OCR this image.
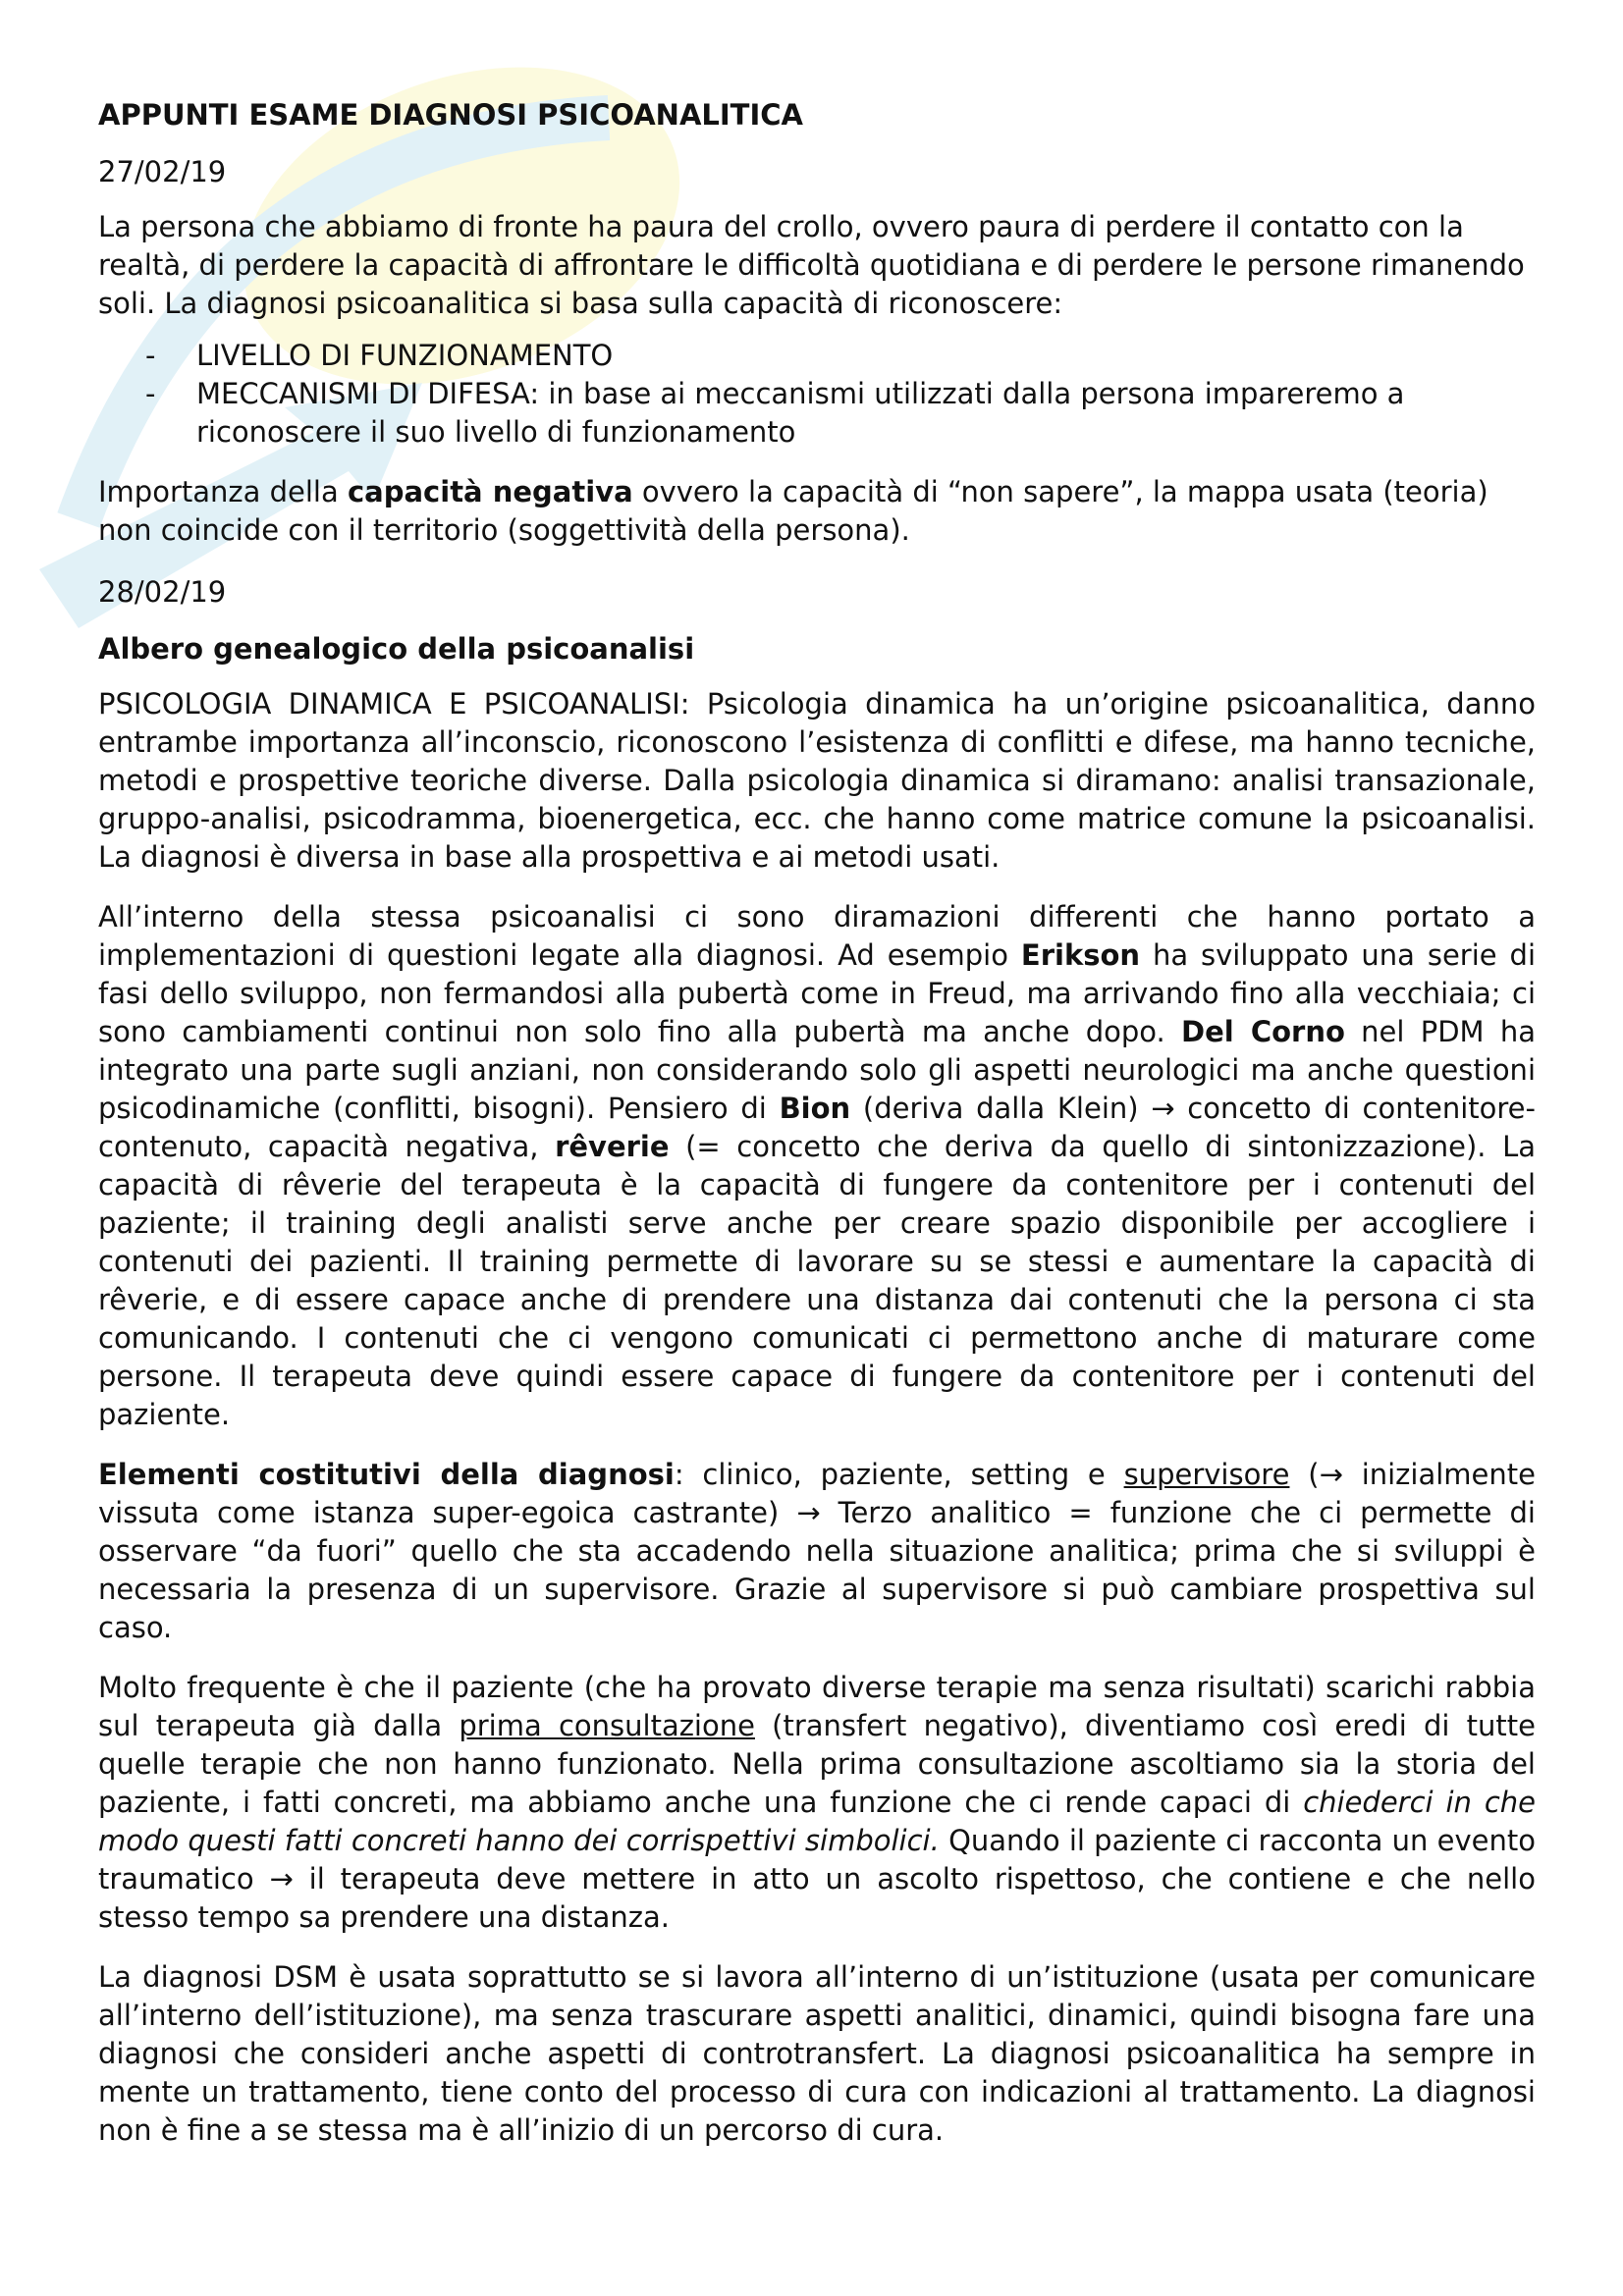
APPUNTI ESAME DIAGNOSI PSICOANALITICA
27/02/19

La persona che abbiamo di fronte ha paura del crollo, ovvero paura di perdere il contatto con la realtà, di perdere la capacità di affrontare le difficoltà quotidiana e di perdere le persone rimanendo soli. La diagnosi psicoanalitica si basa sulla capacità di riconoscere:

- LIVELLO DI FUNZIONAMENTO
- MECCANISMI DI DIFESA: in base ai meccanismi utilizzati dalla persona impareremo a riconoscere il suo livello di funzionamento

Importanza della capacità negativa ovvero la capacità di “non sapere”, la mappa usata (teoria) non coincide con il territorio (soggettività della persona).

28/02/19
Albero genealogico della psicoanalisi

PSICOLOGIA DINAMICA E PSICOANALISI: Psicologia dinamica ha un’origine psicoanalitica, danno entrambe importanza all’inconscio, riconoscono l’esistenza di conflitti e difese, ma hanno tecniche, metodi e prospettive teoriche diverse. Dalla psicologia dinamica si diramano: analisi transazionale, gruppo-analisi, psicodramma, bioenergetica, ecc. che hanno come matrice comune la psicoanalisi. La diagnosi è diversa in base alla prospettiva e ai metodi usati.

All’interno della stessa psicoanalisi ci sono diramazioni differenti che hanno portato a implementazioni di questioni legate alla diagnosi. Ad esempio Erikson ha sviluppato una serie di fasi dello sviluppo, non fermandosi alla pubertà come in Freud, ma arrivando fino alla vecchiaia; ci sono cambiamenti continui non solo fino alla pubertà ma anche dopo. Del Corno nel PDM ha integrato una parte sugli anziani, non considerando solo gli aspetti neurologici ma anche questioni psicodinamiche (conflitti, bisogni). Pensiero di Bion (deriva dalla Klein) → concetto di contenitore-contenuto, capacità negativa, rêverie (= concetto che deriva da quello di sintonizzazione). La capacità di rêverie del terapeuta è la capacità di fungere da contenitore per i contenuti del paziente; il training degli analisti serve anche per creare spazio disponibile per accogliere i contenuti dei pazienti. Il training permette di lavorare su se stessi e aumentare la capacità di rêverie, e di essere capace anche di prendere una distanza dai contenuti che la persona ci sta comunicando. I contenuti che ci vengono comunicati ci permettono anche di maturare come persone. Il terapeuta deve quindi essere capace di fungere da contenitore per i contenuti del paziente.

Elementi costitutivi della diagnosi: clinico, paziente, setting e supervisore (→ inizialmente vissuta come istanza super-egoica castrante) → Terzo analitico = funzione che ci permette di osservare “da fuori” quello che sta accadendo nella situazione analitica; prima che si sviluppi è necessaria la presenza di un supervisore. Grazie al supervisore si può cambiare prospettiva sul caso.

Molto frequente è che il paziente (che ha provato diverse terapie ma senza risultati) scarichi rabbia sul terapeuta già dalla prima consultazione (transfert negativo), diventiamo così eredi di tutte quelle terapie che non hanno funzionato. Nella prima consultazione ascoltiamo sia la storia del paziente, i fatti concreti, ma abbiamo anche una funzione che ci rende capaci di chiederci in che modo questi fatti concreti hanno dei corrispettivi simbolici. Quando il paziente ci racconta un evento traumatico → il terapeuta deve mettere in atto un ascolto rispettoso, che contiene e che nello stesso tempo sa prendere una distanza.

La diagnosi DSM è usata soprattutto se si lavora all’interno di un’istituzione (usata per comunicare all’interno dell’istituzione), ma senza trascurare aspetti analitici, dinamici, quindi bisogna fare una diagnosi che consideri anche aspetti di controtransfert. La diagnosi psicoanalitica ha sempre in mente un trattamento, tiene conto del processo di cura con indicazioni al trattamento. La diagnosi non è fine a se stessa ma è all’inizio di un percorso di cura.
